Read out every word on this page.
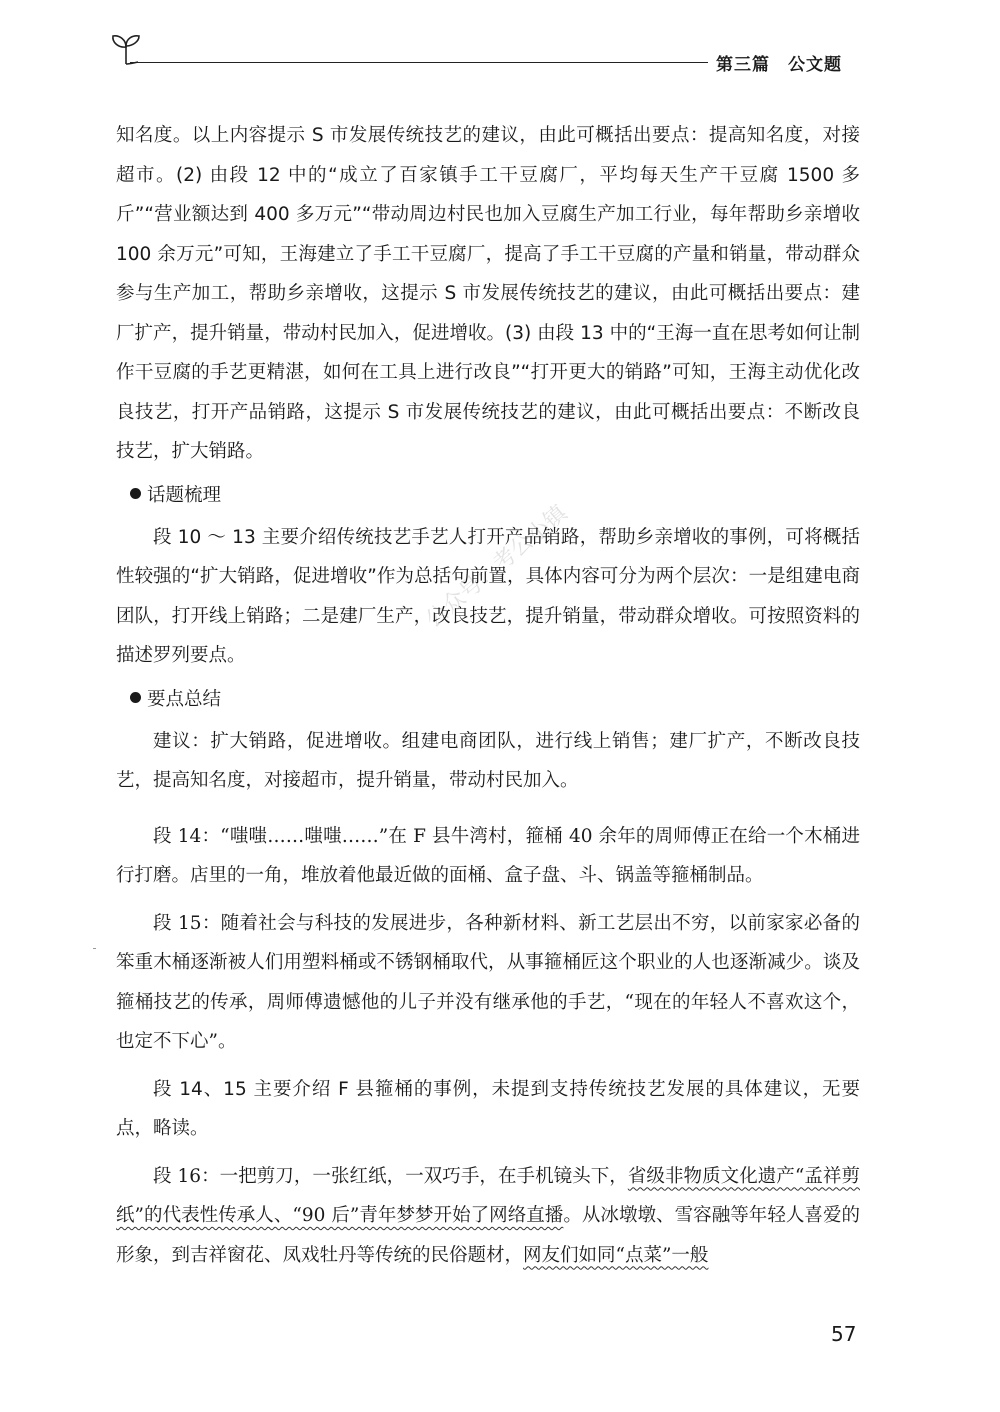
第三篇　公文题
公众号：考公小镇

知名度。以上内容提示 S 市发展传统技艺的建议，由此可概括出要点：提高知名度，对接超市。(2) 由段 12 中的“成立了百家镇手工干豆腐厂，平均每天生产干豆腐 1500 多斤”“营业额达到 400 多万元”“带动周边村民也加入豆腐生产加工行业，每年帮助乡亲增收 100 余万元”可知，王海建立了手工干豆腐厂，提高了手工干豆腐的产量和销量，带动群众参与生产加工，帮助乡亲增收，这提示 S 市发展传统技艺的建议，由此可概括出要点：建厂扩产，提升销量，带动村民加入，促进增收。(3) 由段 13 中的“王海一直在思考如何让制作干豆腐的手艺更精湛，如何在工具上进行改良”“打开更大的销路”可知，王海主动优化改良技艺，打开产品销路，这提示 S 市发展传统技艺的建议，由此可概括出要点：不断改良技艺，扩大销路。

话题梳理

段 10 ～ 13 主要介绍传统技艺手艺人打开产品销路，帮助乡亲增收的事例，可将概括性较强的“扩大销路，促进增收”作为总括句前置，具体内容可分为两个层次：一是组建电商团队，打开线上销路；二是建厂生产，改良技艺，提升销量，带动群众增收。可按照资料的描述罗列要点。

要点总结

建议：扩大销路，促进增收。组建电商团队，进行线上销售；建厂扩产，不断改良技艺，提高知名度，对接超市，提升销量，带动村民加入。

段 14：“嗤嗤……嗤嗤……”在 F 县牛湾村，箍桶 40 余年的周师傅正在给一个木桶进行打磨。店里的一角，堆放着他最近做的面桶、盒子盘、斗、锅盖等箍桶制品。

段 15：随着社会与科技的发展进步，各种新材料、新工艺层出不穷，以前家家必备的笨重木桶逐渐被人们用塑料桶或不锈钢桶取代，从事箍桶匠这个职业的人也逐渐减少。谈及箍桶技艺的传承，周师傅遗憾他的儿子并没有继承他的手艺，“现在的年轻人不喜欢这个，也定不下心”。

段 14、15 主要介绍 F 县箍桶的事例，未提到支持传统技艺发展的具体建议，无要点，略读。

段 16：一把剪刀，一张红纸，一双巧手，在手机镜头下，省级非物质文化遗产“孟祥剪纸”的代表性传承人、“90 后”青年梦梦开始了网络直播。从冰墩墩、雪容融等年轻人喜爱的形象，到吉祥窗花、凤戏牡丹等传统的民俗题材，网友们如同“点菜”一般

57
